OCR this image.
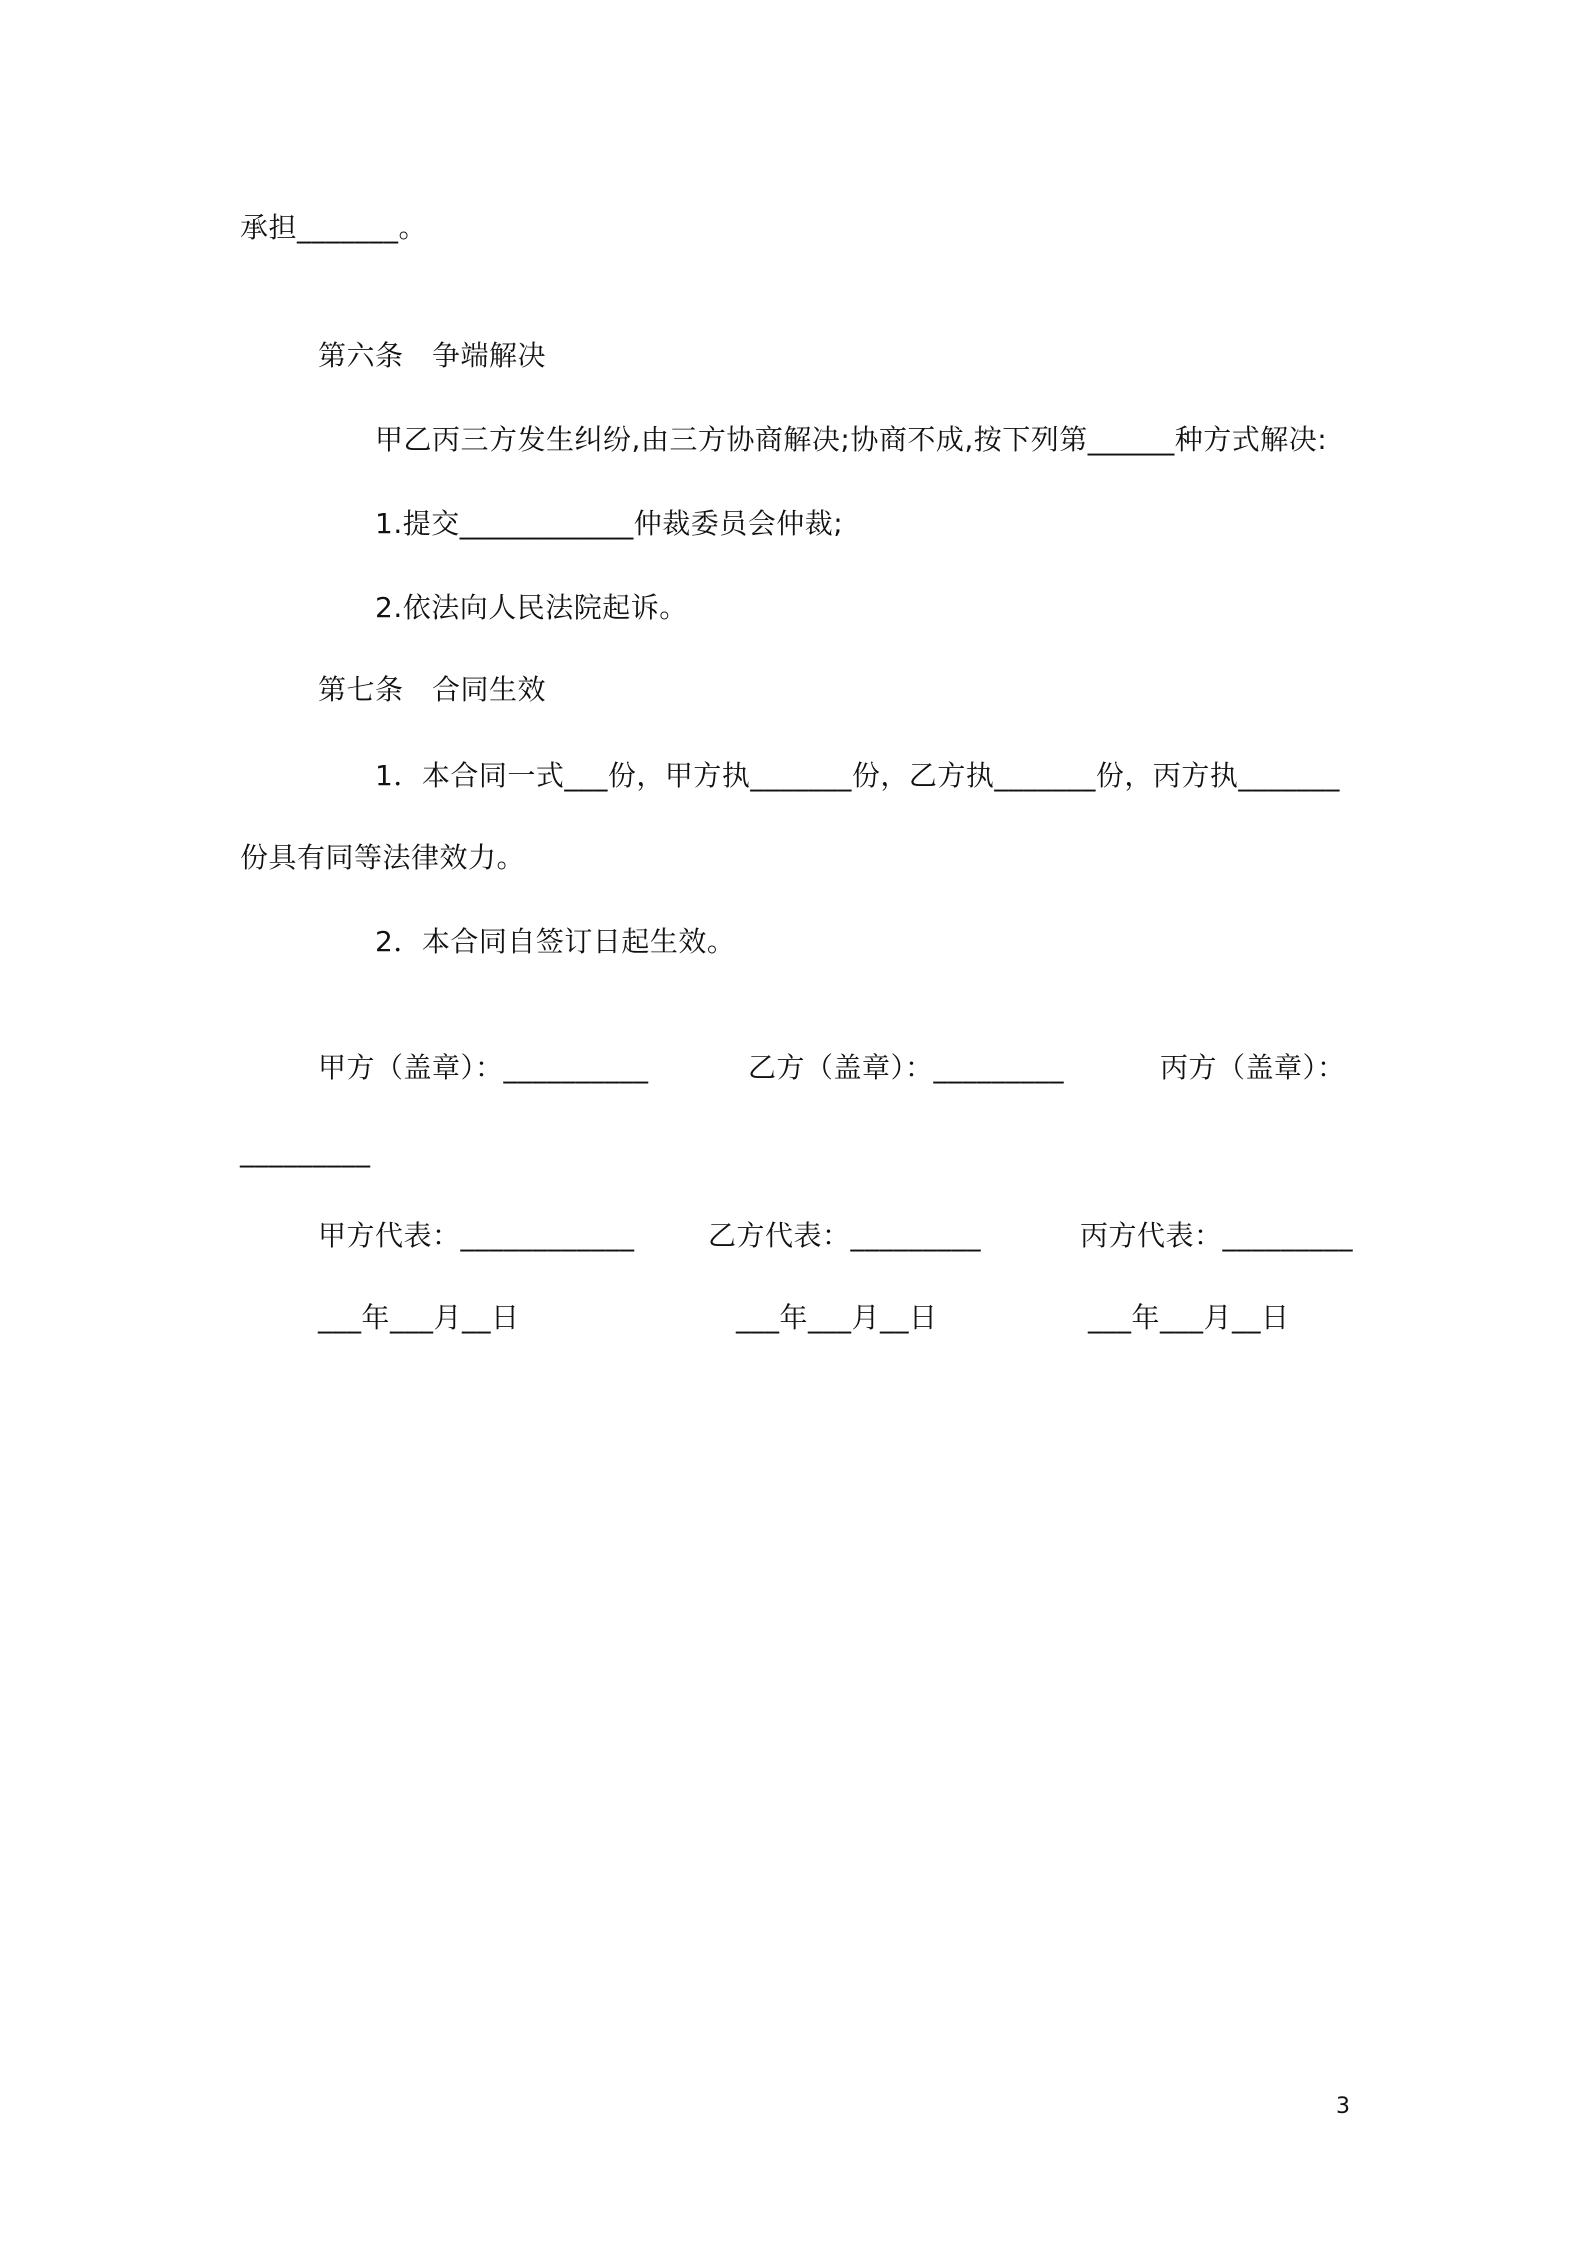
承担_______。
第六条　争端解决
甲乙丙三方发生纠纷,由三方协商解决;协商不成,按下列第______种方式解决:
1.提交____________仲裁委员会仲裁;
2.依法向人民法院起诉。
第七条　合同生效
1．本合同一式___份，甲方执_______份，乙方执_______份，丙方执_______
份具有同等法律效力。
2．本合同自签订日起生效。
甲方（盖章）：__________	乙方（盖章）：_________	丙方（盖章）：
_________
甲方代表：____________	乙方代表：_________	丙方代表：_________
___年___月__日	___年___月__日	___年___月__日
3
